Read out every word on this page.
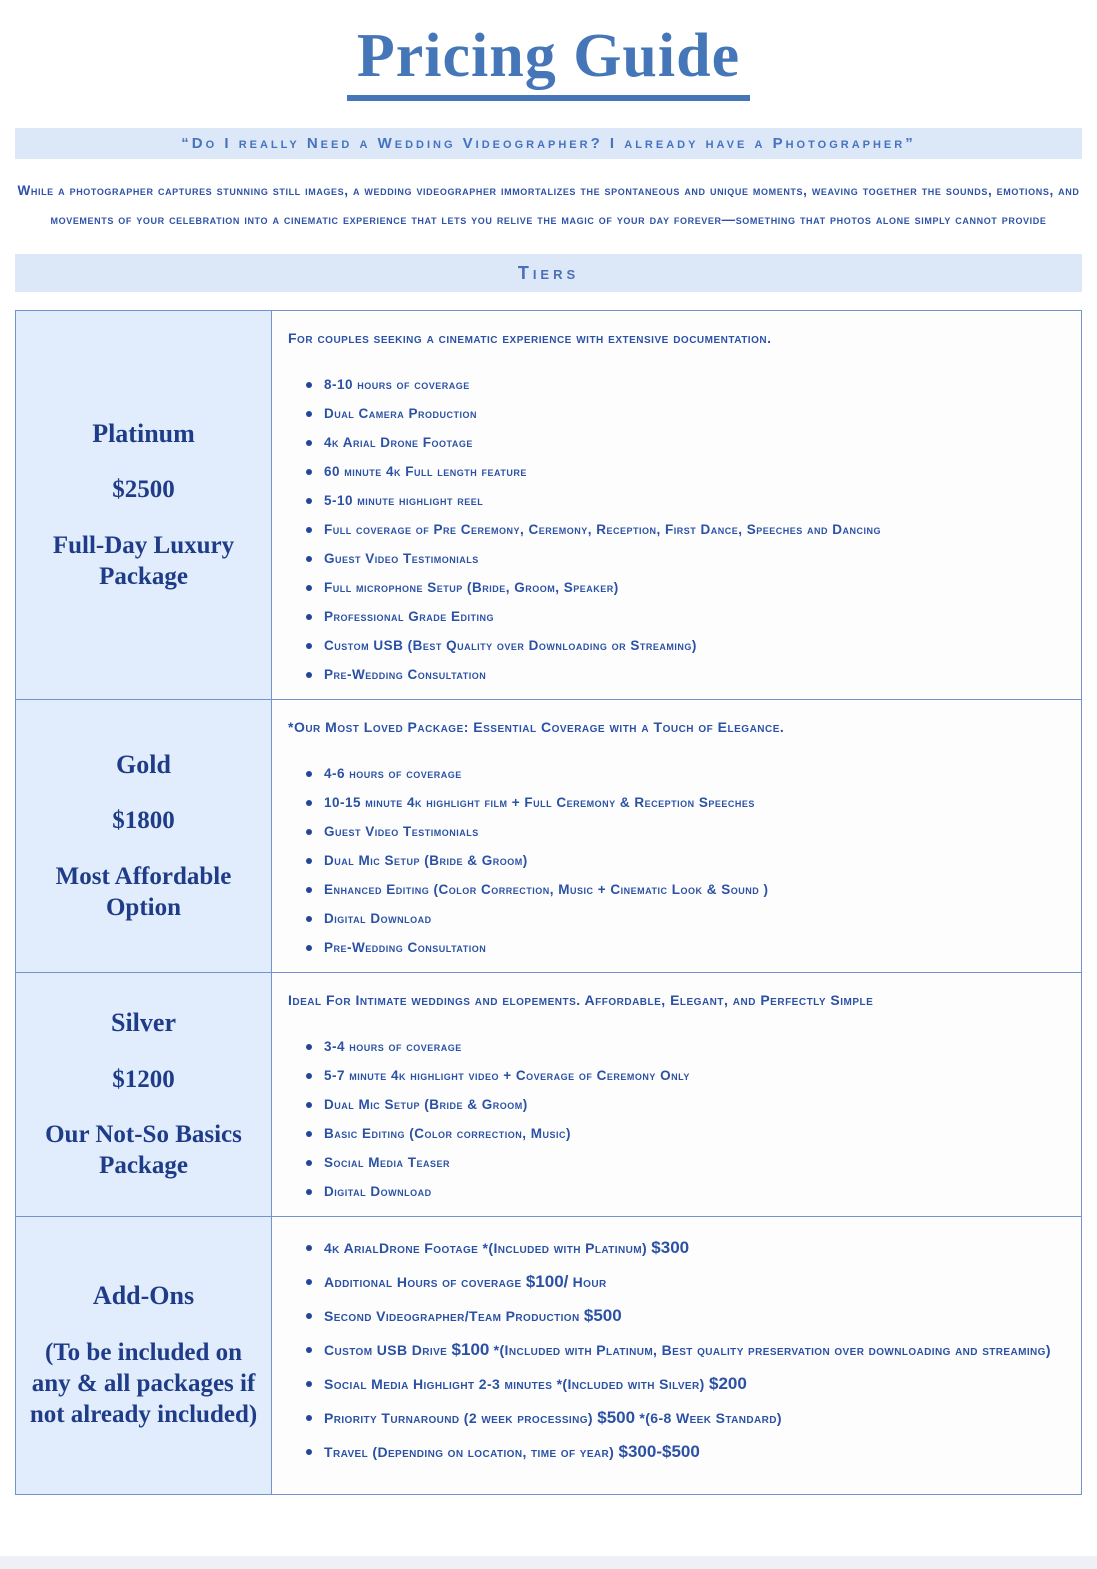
Pricing Guide
“Do I really Need a Wedding Videographer? I already have a Photographer”
While a photographer captures stunning still images, a wedding videographer immortalizes the spontaneous and unique moments, weaving together the sounds, emotions, and movements of your celebration into a cinematic experience that lets you relive the magic of your day forever—something that photos alone simply cannot provide
Tiers
Platinum
$2500
Full-Day Luxury Package
For couples seeking a cinematic experience with extensive documentation.
8-10 hours of coverage
Dual Camera Production
4k Arial Drone Footage
60 minute 4k Full length feature
5-10 minute highlight reel
Full coverage of Pre Ceremony, Ceremony, Reception, First Dance, Speeches and Dancing
Guest Video Testimonials
Full microphone Setup (Bride, Groom, Speaker)
Professional Grade Editing
Custom USB (Best Quality over Downloading or Streaming)
Pre-Wedding Consultation
Gold
$1800
Most Affordable Option
*Our Most Loved Package: Essential Coverage with a Touch of Elegance.
4-6 hours of coverage
10-15 minute 4k highlight film + Full Ceremony & Reception Speeches
Guest Video Testimonials
Dual Mic Setup (Bride & Groom)
Enhanced Editing (Color Correction, Music + Cinematic Look & Sound )
Digital Download
Pre-Wedding Consultation
Silver
$1200
Our Not-So Basics Package
Ideal For Intimate weddings and elopements. Affordable, Elegant, and Perfectly Simple
3-4 hours of coverage
5-7 minute 4k highlight video + Coverage of Ceremony Only
Dual Mic Setup (Bride & Groom)
Basic Editing (Color correction, Music)
Social Media Teaser
Digital Download
Add-Ons
(To be included on any & all packages if not already included)
4k ArialDrone Footage *(Included with Platinum) $300
Additional Hours of coverage $100/ Hour
Second Videographer/Team Production $500
Custom USB Drive $100 *(Included with Platinum, Best quality preservation over downloading and streaming)
Social Media Highlight 2-3 minutes *(Included with Silver) $200
Priority Turnaround (2 week processing) $500 *(6-8 Week Standard)
Travel (Depending on location, time of year) $300-$500
